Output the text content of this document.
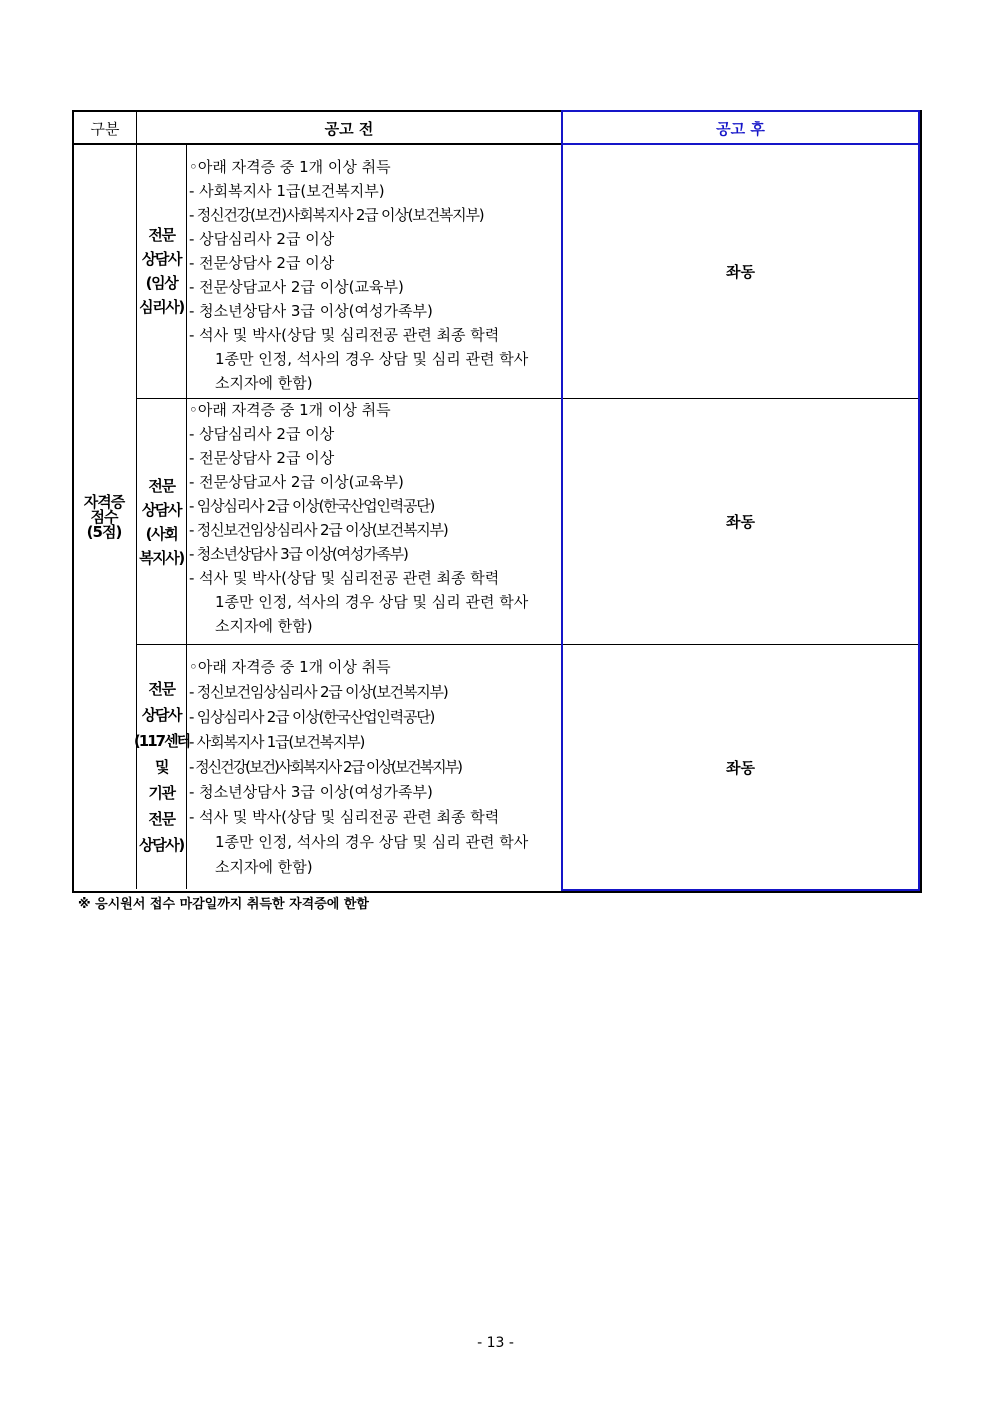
구분	공고 전	공고 후
자격증
점수
(5점)
전문
상담사
(임상
심리사)
◦아래 자격증 중 1개 이상 취득
- 사회복지사 1급(보건복지부)
- 정신건강(보건)사회복지사 2급 이상(보건복지부)
- 상담심리사 2급 이상
- 전문상담사 2급 이상
- 전문상담교사 2급 이상(교육부)
- 청소년상담사 3급 이상(여성가족부)
- 석사 및 박사(상담 및 심리전공 관련 최종 학력
1종만 인정, 석사의 경우 상담 및 심리 관련 학사
소지자에 한함)
좌동
전문
상담사
(사회
복지사)
◦아래 자격증 중 1개 이상 취득
- 상담심리사 2급 이상
- 전문상담사 2급 이상
- 전문상담교사 2급 이상(교육부)
- 임상심리사 2급 이상(한국산업인력공단)
- 정신보건임상심리사 2급 이상(보건복지부)
- 청소년상담사 3급 이상(여성가족부)
- 석사 및 박사(상담 및 심리전공 관련 최종 학력
1종만 인정, 석사의 경우 상담 및 심리 관련 학사
소지자에 한함)
좌동
전문
상담사
(117센터
및
기관
전문
상담사)
◦아래 자격증 중 1개 이상 취득
- 정신보건임상심리사 2급 이상(보건복지부)
- 임상심리사 2급 이상(한국산업인력공단)
- 사회복지사 1급(보건복지부)
- 정신건강(보건)사회복지사 2급 이상(보건복지부)
- 청소년상담사 3급 이상(여성가족부)
- 석사 및 박사(상담 및 심리전공 관련 최종 학력
1종만 인정, 석사의 경우 상담 및 심리 관련 학사
소지자에 한함)
좌동
※ 응시원서 접수 마감일까지 취득한 자격증에 한함
- 13 -
